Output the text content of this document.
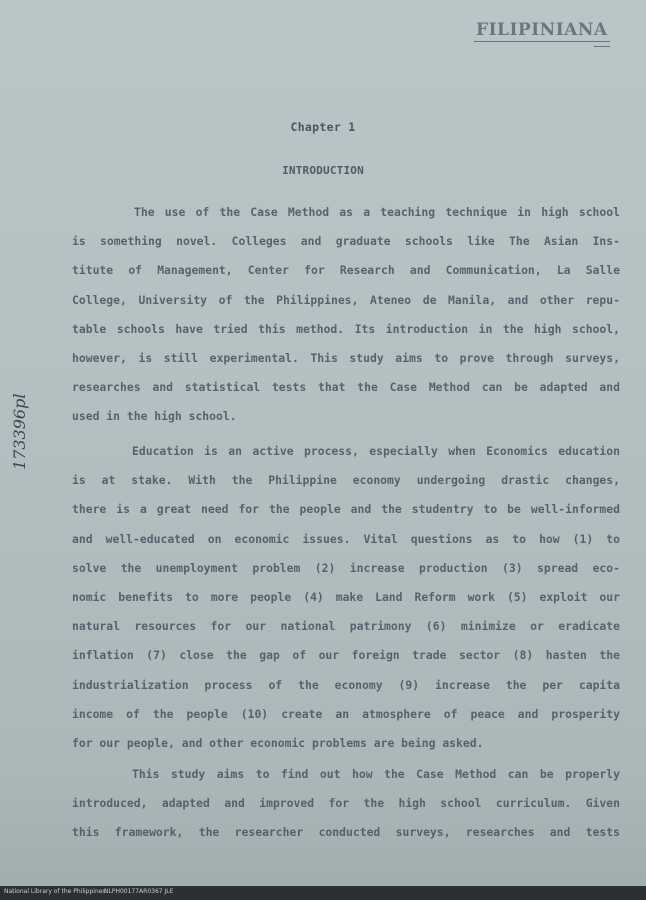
FILIPINIANA
Chapter 1
INTRODUCTION
The use of the Case Method as a teaching technique in high school
is something novel. Colleges and graduate schools like The Asian Ins-
titute of Management, Center for Research and Communication, La Salle
College, University of the Philippines, Ateneo de Manila, and other repu-
table schools have tried this method. Its introduction in the high school,
however, is still experimental. This study aims to prove through surveys,
researches and statistical tests that the Case Method can be adapted and
used in the high school.
Education is an active process, especially when Economics education
is at stake. With the Philippine economy undergoing drastic changes,
there is a great need for the people and the studentry to be well-informed
and well-educated on economic issues. Vital questions as to how (1) to
solve the unemployment problem (2) increase production (3) spread eco-
nomic benefits to more people (4) make Land Reform work (5) exploit our
natural resources for our national patrimony (6) minimize or eradicate
inflation (7) close the gap of our foreign trade sector (8) hasten the
industrialization process of the economy (9) increase the per capita
income of the people (10) create an atmosphere of peace and prosperity
for our people, and other economic problems are being asked.
This study aims to find out how the Case Method can be properly
introduced, adapted and improved for the high school curriculum. Given
this framework, the researcher conducted surveys, researches and tests
173396pl
National Library of the Philippines
NLPH00177AR0367 JLE
